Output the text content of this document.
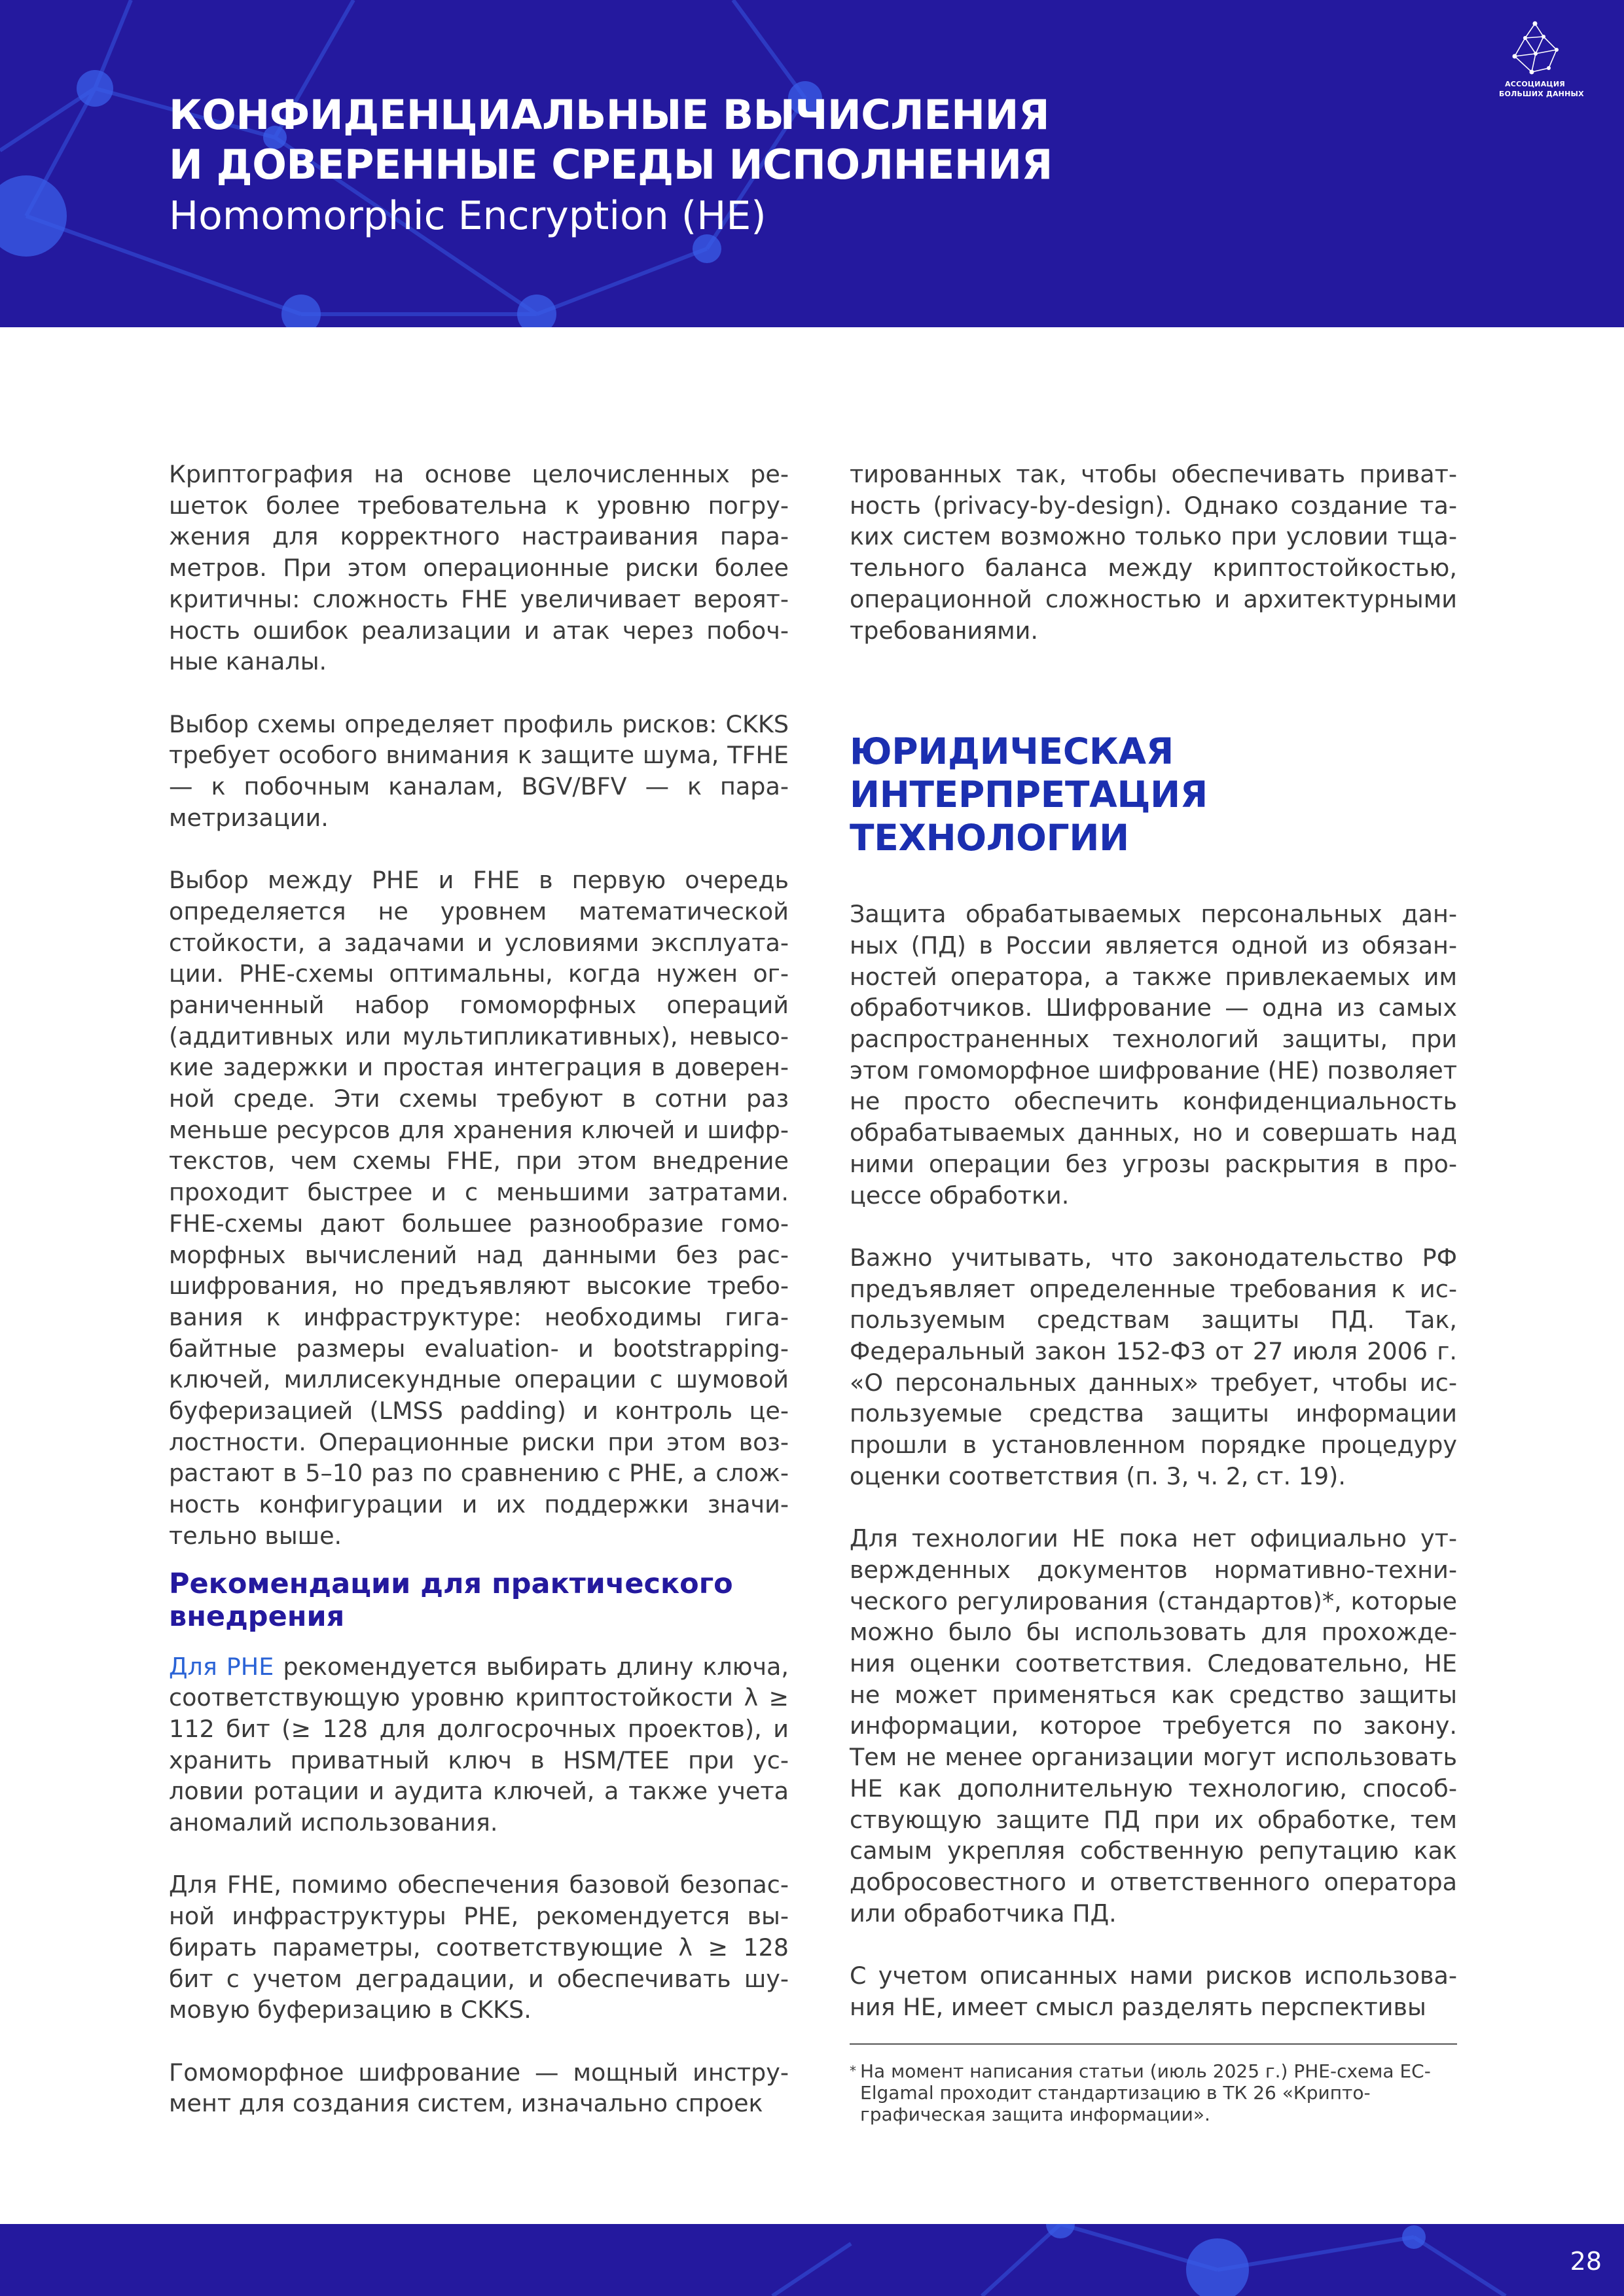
КОНФИДЕНЦИАЛЬНЫЕ ВЫЧИСЛЕНИЯ
И ДОВЕРЕННЫЕ СРЕДЫ ИСПОЛНЕНИЯ
Homomorphic Encryption (HE)
АССОЦИАЦИЯ
БОЛЬШИХ ДАННЫХ

Криптография на основе целочисленных решеток более требовательна к уровню погружения для корректного настраивания параметров. При этом операционные риски более критичны: сложность FHE увеличивает вероятность ошибок реализации и атак через побочные каналы.

Выбор схемы определяет профиль рисков: CKKS требует особого внимания к защите шума, TFHE — к побочным каналам, BGV/BFV — к параметризации.

Выбор между PHE и FHE в первую очередь определяется не уровнем математической стойкости, а задачами и условиями эксплуатации. PHE-схемы оптимальны, когда нужен ограниченный набор гомоморфных операций (аддитивных или мультипликативных), невысокие задержки и простая интеграция в доверенной среде. Эти схемы требуют в сотни раз меньше ресурсов для хранения ключей и шифртекстов, чем схемы FHE, при этом внедрение проходит быстрее и с меньшими затратами. FHE-схемы дают большее разнообразие гомоморфных вычислений над данными без расшифрования, но предъявляют высокие требования к инфраструктуре: необходимы гигабайтные размеры evaluation- и bootstrapping-ключей, миллисекундные операции с шумовой буферизацией (LMSS padding) и контроль целостности. Операционные риски при этом возрастают в 5–10 раз по сравнению с PHE, а сложность конфигурации и их поддержки значительно выше.

Рекомендации для практического внедрения

Для PHE рекомендуется выбирать длину ключа, соответствующую уровню криптостойкости λ ≥ 112 бит (≥ 128 для долгосрочных проектов), и хранить приватный ключ в HSM/TEE при условии ротации и аудита ключей, а также учета аномалий использования.

Для FHE, помимо обеспечения базовой безопасной инфраструктуры PHE, рекомендуется выбирать параметры, соответствующие λ ≥ 128 бит с учетом деградации, и обеспечивать шумовую буферизацию в CKKS.

Гомоморфное шифрование — мощный инструмент для создания систем, изначально спроек

тированных так, чтобы обеспечивать приватность (privacy-by-design). Однако создание таких систем возможно только при условии тщательного баланса между криптостойкостью, операционной сложностью и архитектурными требованиями.

ЮРИДИЧЕСКАЯ
ИНТЕРПРЕТАЦИЯ ТЕХНОЛОГИИ

Защита обрабатываемых персональных данных (ПД) в России является одной из обязанностей оператора, а также привлекаемых им обработчиков. Шифрование — одна из самых распространенных технологий защиты, при этом гомоморфное шифрование (HE) позволяет не просто обеспечить конфиденциальность обрабатываемых данных, но и совершать над ними операции без угрозы раскрытия в процессе обработки.

Важно учитывать, что законодательство РФ предъявляет определенные требования к используемым средствам защиты ПД. Так, Федеральный закон 152-ФЗ от 27 июля 2006 г. «О персональных данных» требует, чтобы используемые средства защиты информации прошли в установленном порядке процедуру оценки соответствия (п. 3, ч. 2, ст. 19).

Для технологии HE пока нет официально утвержденных документов нормативно-технического регулирования (стандартов)*, которые можно было бы использовать для прохождения оценки соответствия. Следовательно, HE не может применяться как средство защиты информации, которое требуется по закону. Тем не менее организации могут использовать HE как дополнительную технологию, способствующую защите ПД при их обработке, тем самым укрепляя собственную репутацию как добросовестного и ответственного оператора или обработчика ПД.

С учетом описанных нами рисков использования HE, имеет смысл разделять перспективы

* На момент написания статьи (июль 2025 г.) PHE-схема EC-Elgamal проходит стандартизацию в ТК 26 «Криптографическая защита информации».
28
